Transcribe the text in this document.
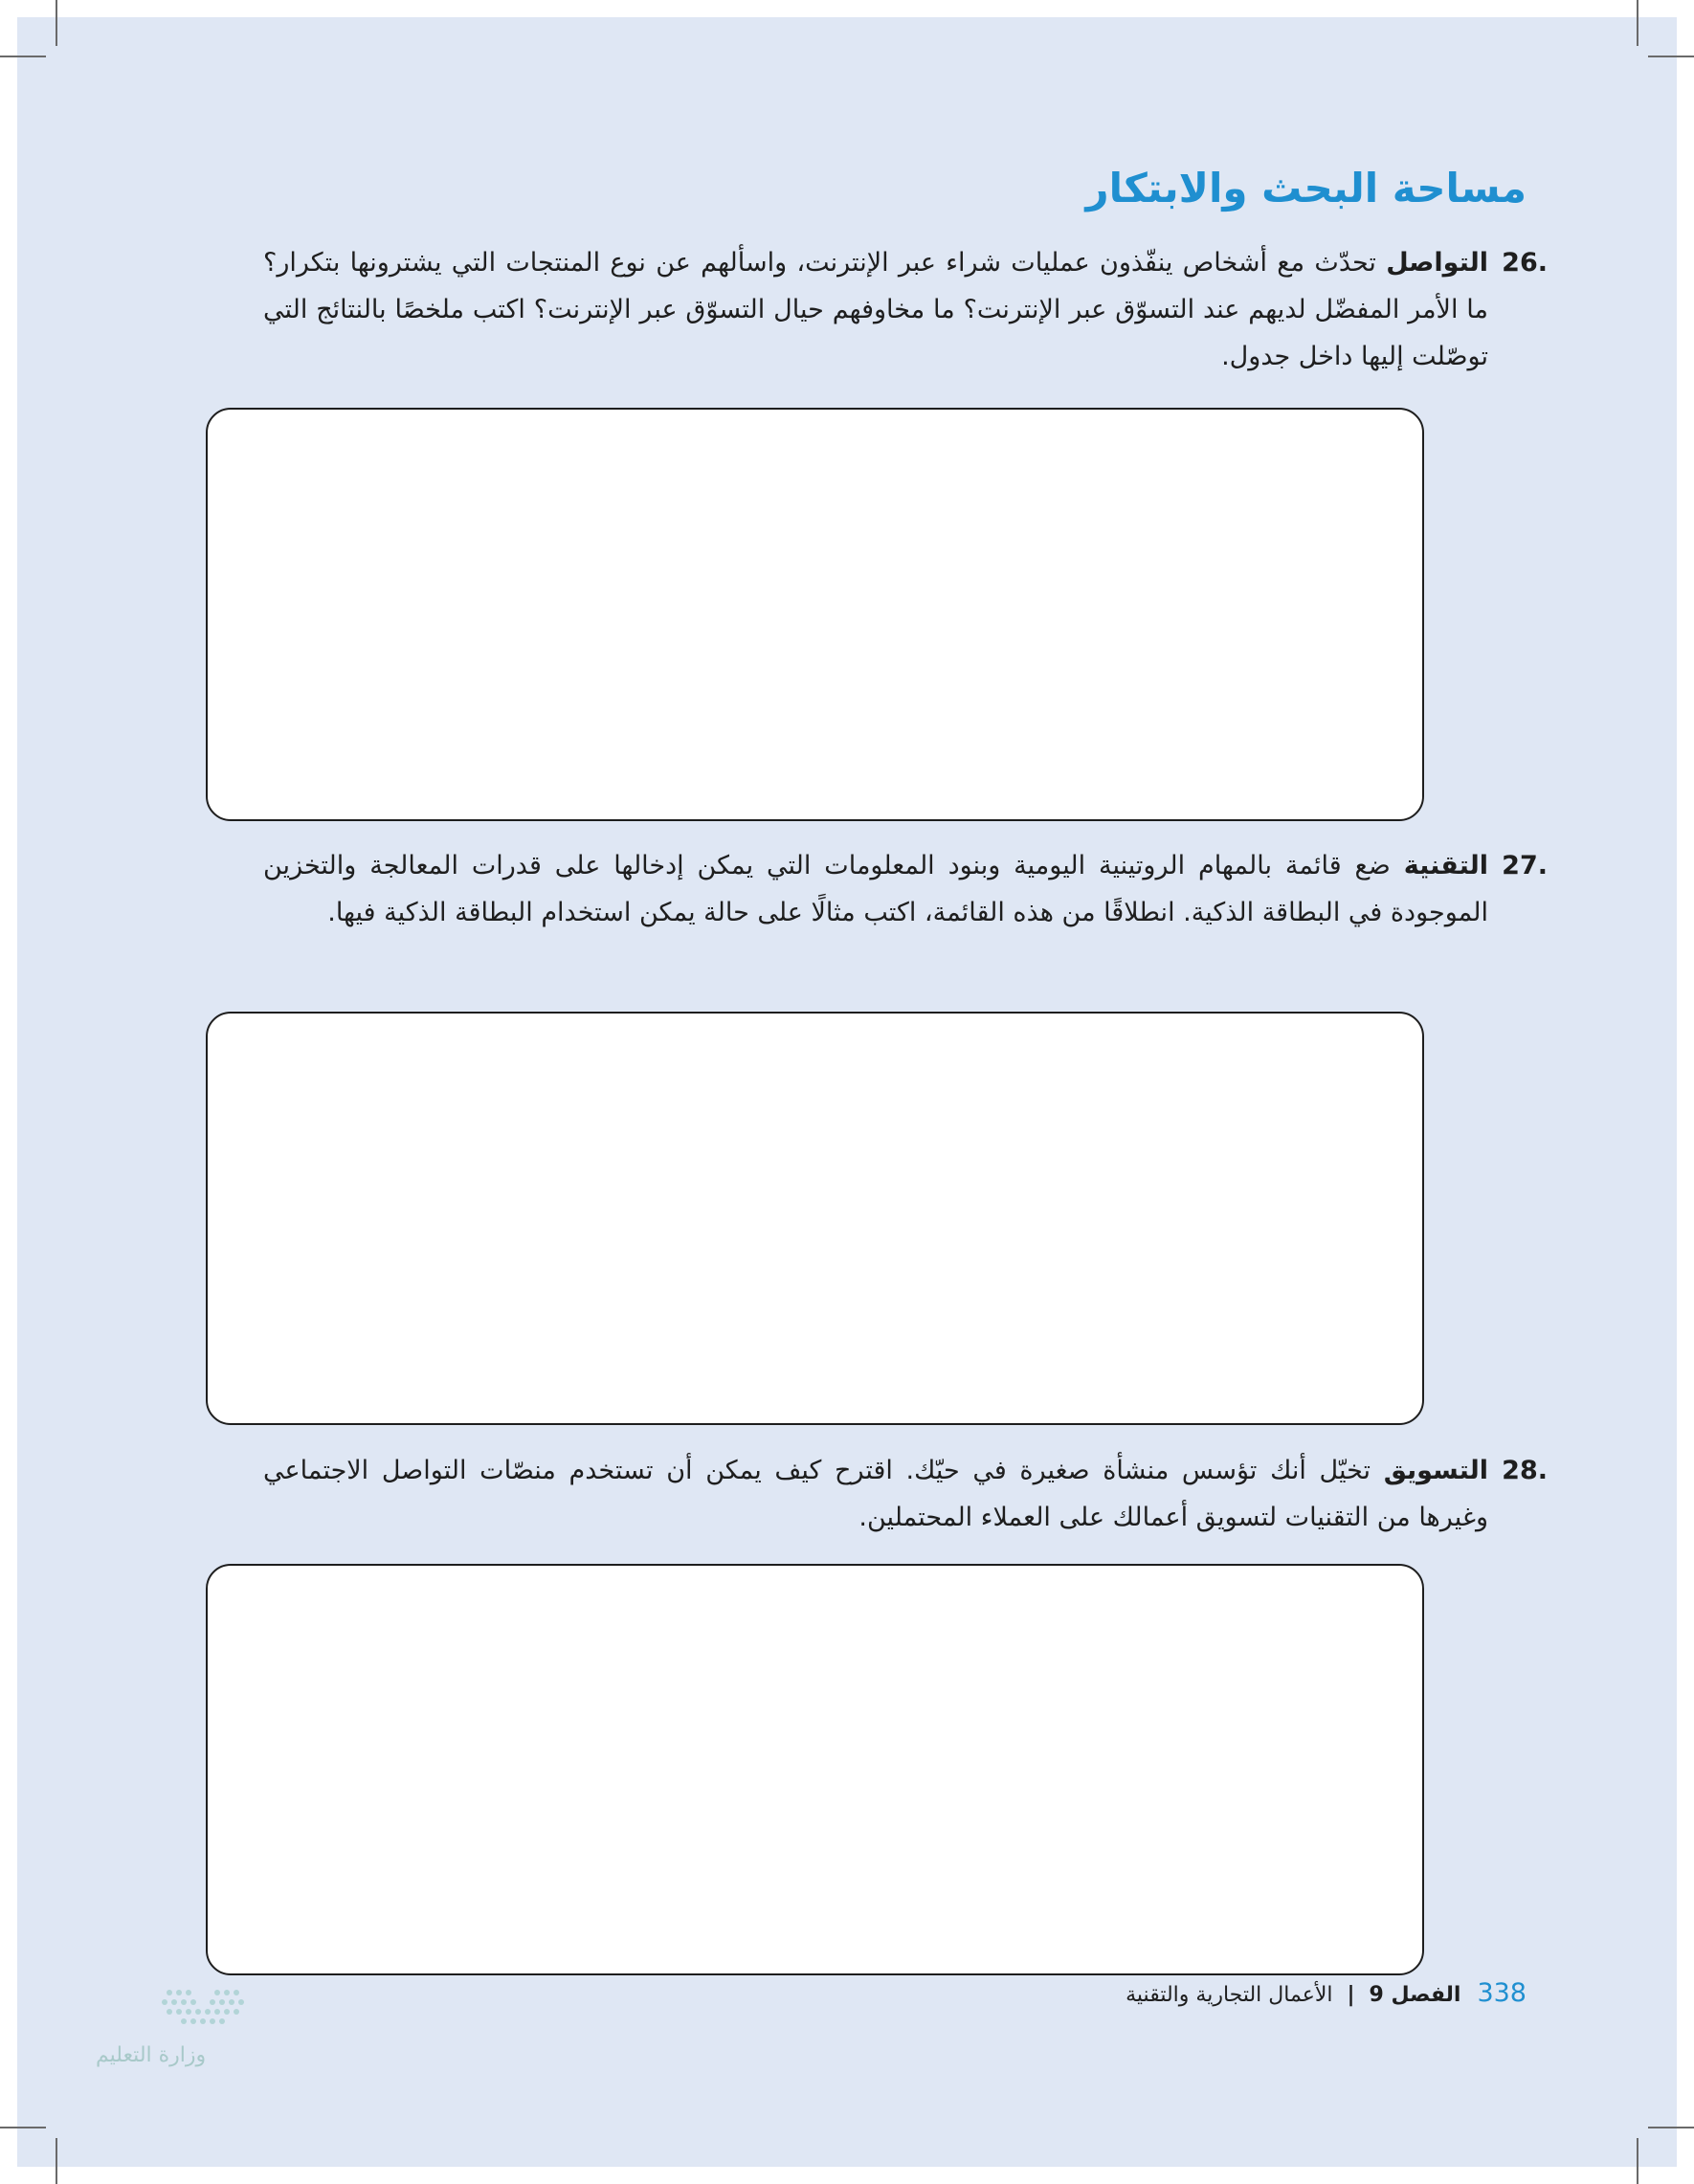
مساحة البحث والابتكار
26.
التواصل تحدّث مع أشخاص ينفّذون عمليات شراء عبر الإنترنت، واسألهم عن نوع المنتجات التي يشترونها بتكرار؟ ما الأمر المفضّل لديهم عند التسوّق عبر الإنترنت؟ ما مخاوفهم حيال التسوّق عبر الإنترنت؟ اكتب ملخصًا بالنتائج التي توصّلت إليها داخل جدول.
27.
التقنية ضع قائمة بالمهام الروتينية اليومية وبنود المعلومات التي يمكن إدخالها على قدرات المعالجة والتخزين الموجودة في البطاقة الذكية. انطلاقًا من هذه القائمة، اكتب مثالًا على حالة يمكن استخدام البطاقة الذكية فيها.
28.
التسويق تخيّل أنك تؤسس منشأة صغيرة في حيّك. اقترح كيف يمكن أن تستخدم منصّات التواصل الاجتماعي وغيرها من التقنيات لتسويق أعمالك على العملاء المحتملين.
338 الفصل 9 | الأعمال التجارية والتقنية
وزارة التعليم
